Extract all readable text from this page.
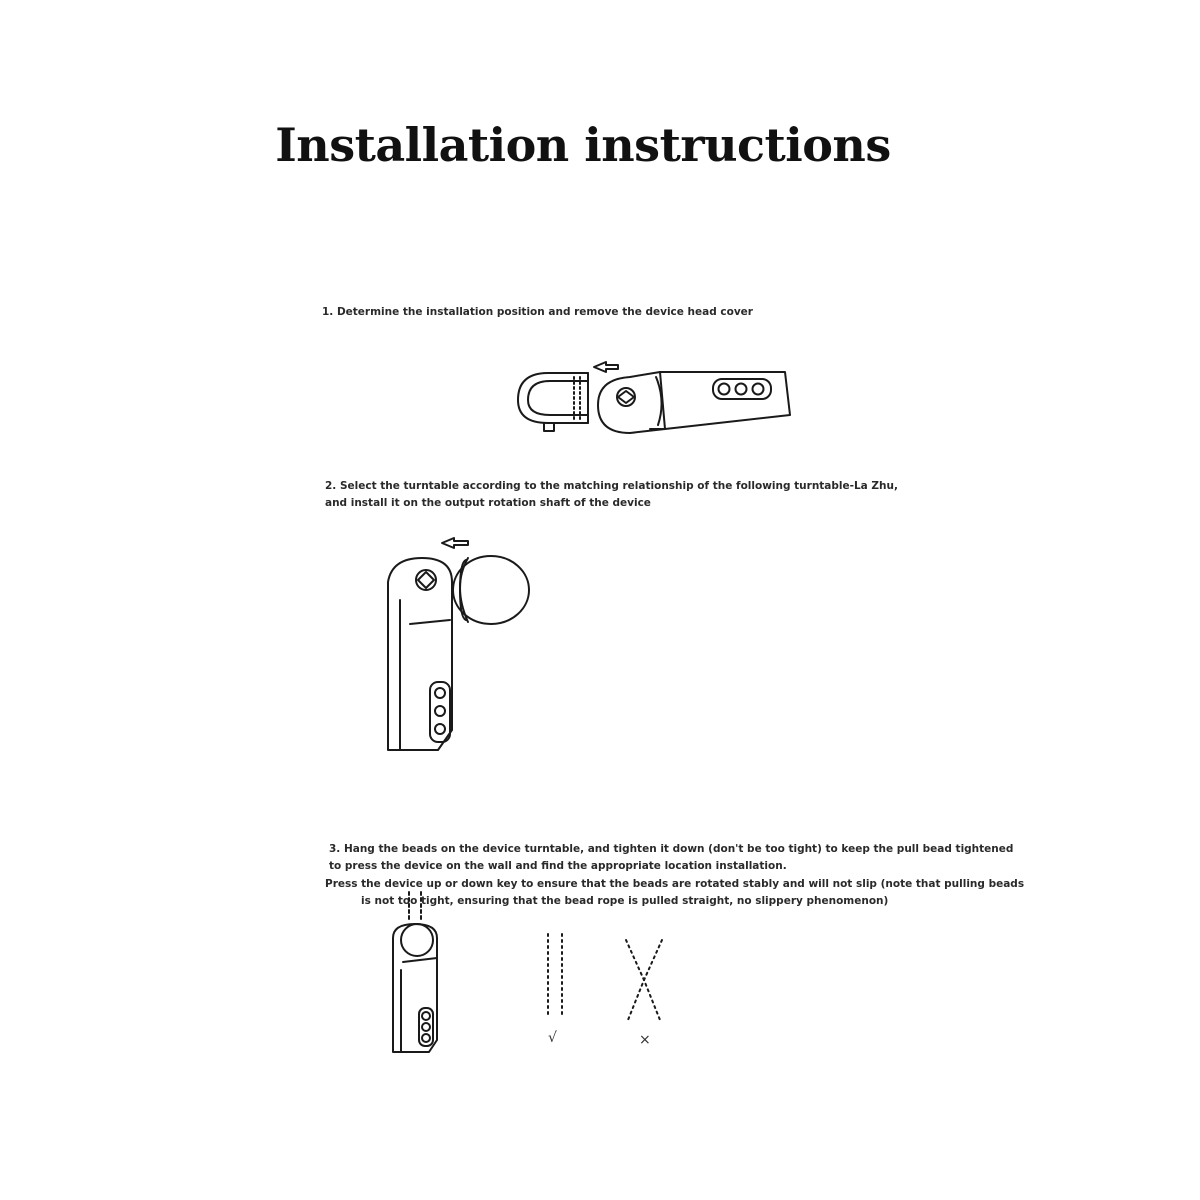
Installation instructions
1. Determine the installation position and remove the device head cover
2. Select the turntable according to the matching relationship of the following turntable-La Zhu,
and install it on the output rotation shaft of the device
3. Hang the beads on the device turntable, and tighten it down (don't be too tight) to keep the pull bead tightened
to press the device on the wall and find the appropriate location installation.
Press the device up or down key to ensure that the beads are rotated stably and will not slip (note that pulling beads
is not too tight, ensuring that the bead rope is pulled straight, no slippery phenomenon)
√	×
